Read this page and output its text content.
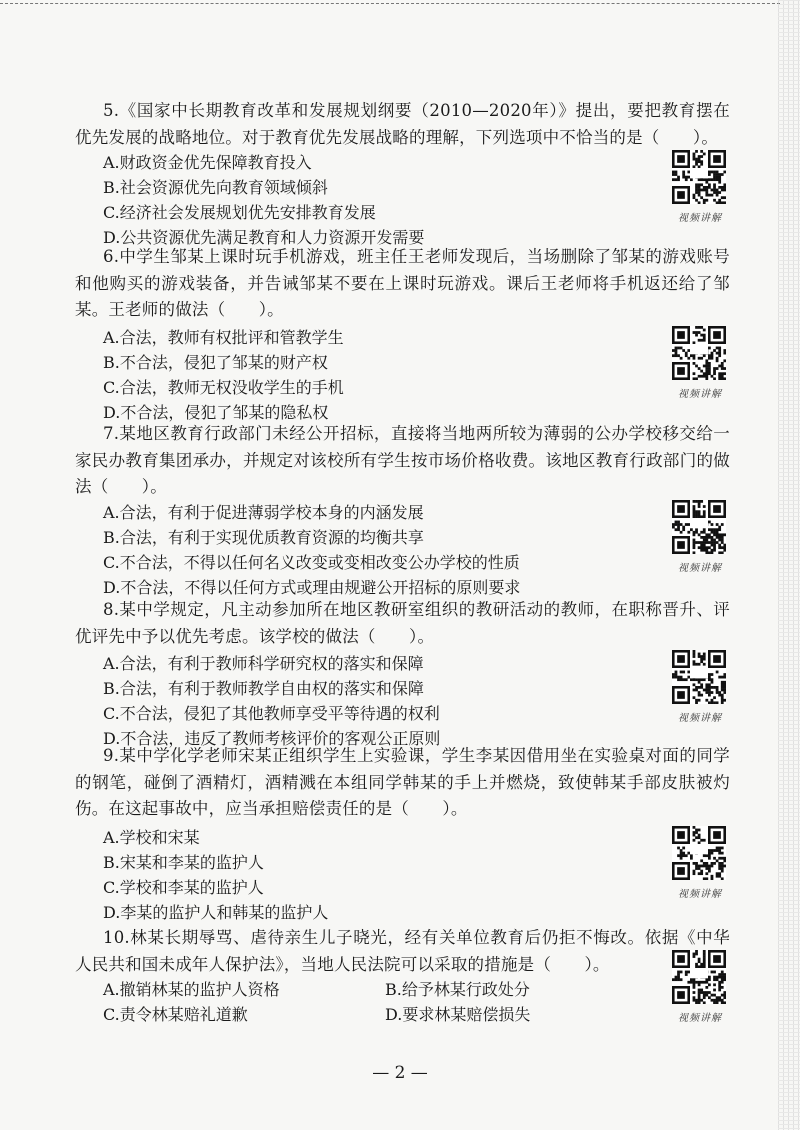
5.《国家中长期教育改革和发展规划纲要（2010—2020年）》提出，要把教育摆在优先发展的战略地位。对于教育优先发展战略的理解，下列选项中不恰当的是（　　）。

A.财政资金优先保障教育投入
B.社会资源优先向教育领域倾斜
C.经济社会发展规划优先安排教育发展
D.公共资源优先满足教育和人力资源开发需要
视频讲解

6.中学生邹某上课时玩手机游戏，班主任王老师发现后，当场删除了邹某的游戏账号和他购买的游戏装备，并告诫邹某不要在上课时玩游戏。课后王老师将手机返还给了邹某。王老师的做法（　　）。

A.合法，教师有权批评和管教学生
B.不合法，侵犯了邹某的财产权
C.合法，教师无权没收学生的手机
D.不合法，侵犯了邹某的隐私权
视频讲解

7.某地区教育行政部门未经公开招标，直接将当地两所较为薄弱的公办学校移交给一家民办教育集团承办，并规定对该校所有学生按市场价格收费。该地区教育行政部门的做法（　　）。

A.合法，有利于促进薄弱学校本身的内涵发展
B.合法，有利于实现优质教育资源的均衡共享
C.不合法，不得以任何名义改变或变相改变公办学校的性质
D.不合法，不得以任何方式或理由规避公开招标的原则要求
视频讲解

8.某中学规定，凡主动参加所在地区教研室组织的教研活动的教师，在职称晋升、评优评先中予以优先考虑。该学校的做法（　　）。

A.合法，有利于教师科学研究权的落实和保障
B.合法，有利于教师教学自由权的落实和保障
C.不合法，侵犯了其他教师享受平等待遇的权利
D.不合法，违反了教师考核评价的客观公正原则
视频讲解

9.某中学化学老师宋某正组织学生上实验课，学生李某因借用坐在实验桌对面的同学的钢笔，碰倒了酒精灯，酒精溅在本组同学韩某的手上并燃烧，致使韩某手部皮肤被灼伤。在这起事故中，应当承担赔偿责任的是（　　）。

A.学校和宋某
B.宋某和李某的监护人
C.学校和李某的监护人
D.李某的监护人和韩某的监护人
视频讲解

10.林某长期辱骂、虐待亲生儿子晓光，经有关单位教育后仍拒不悔改。依据《中华人民共和国未成年人保护法》，当地人民法院可以采取的措施是（　　）。

A.撤销林某的监护人资格	B.给予林某行政处分
C.责令林某赔礼道歉	D.要求林某赔偿损失	视频讲解
— 2 —
